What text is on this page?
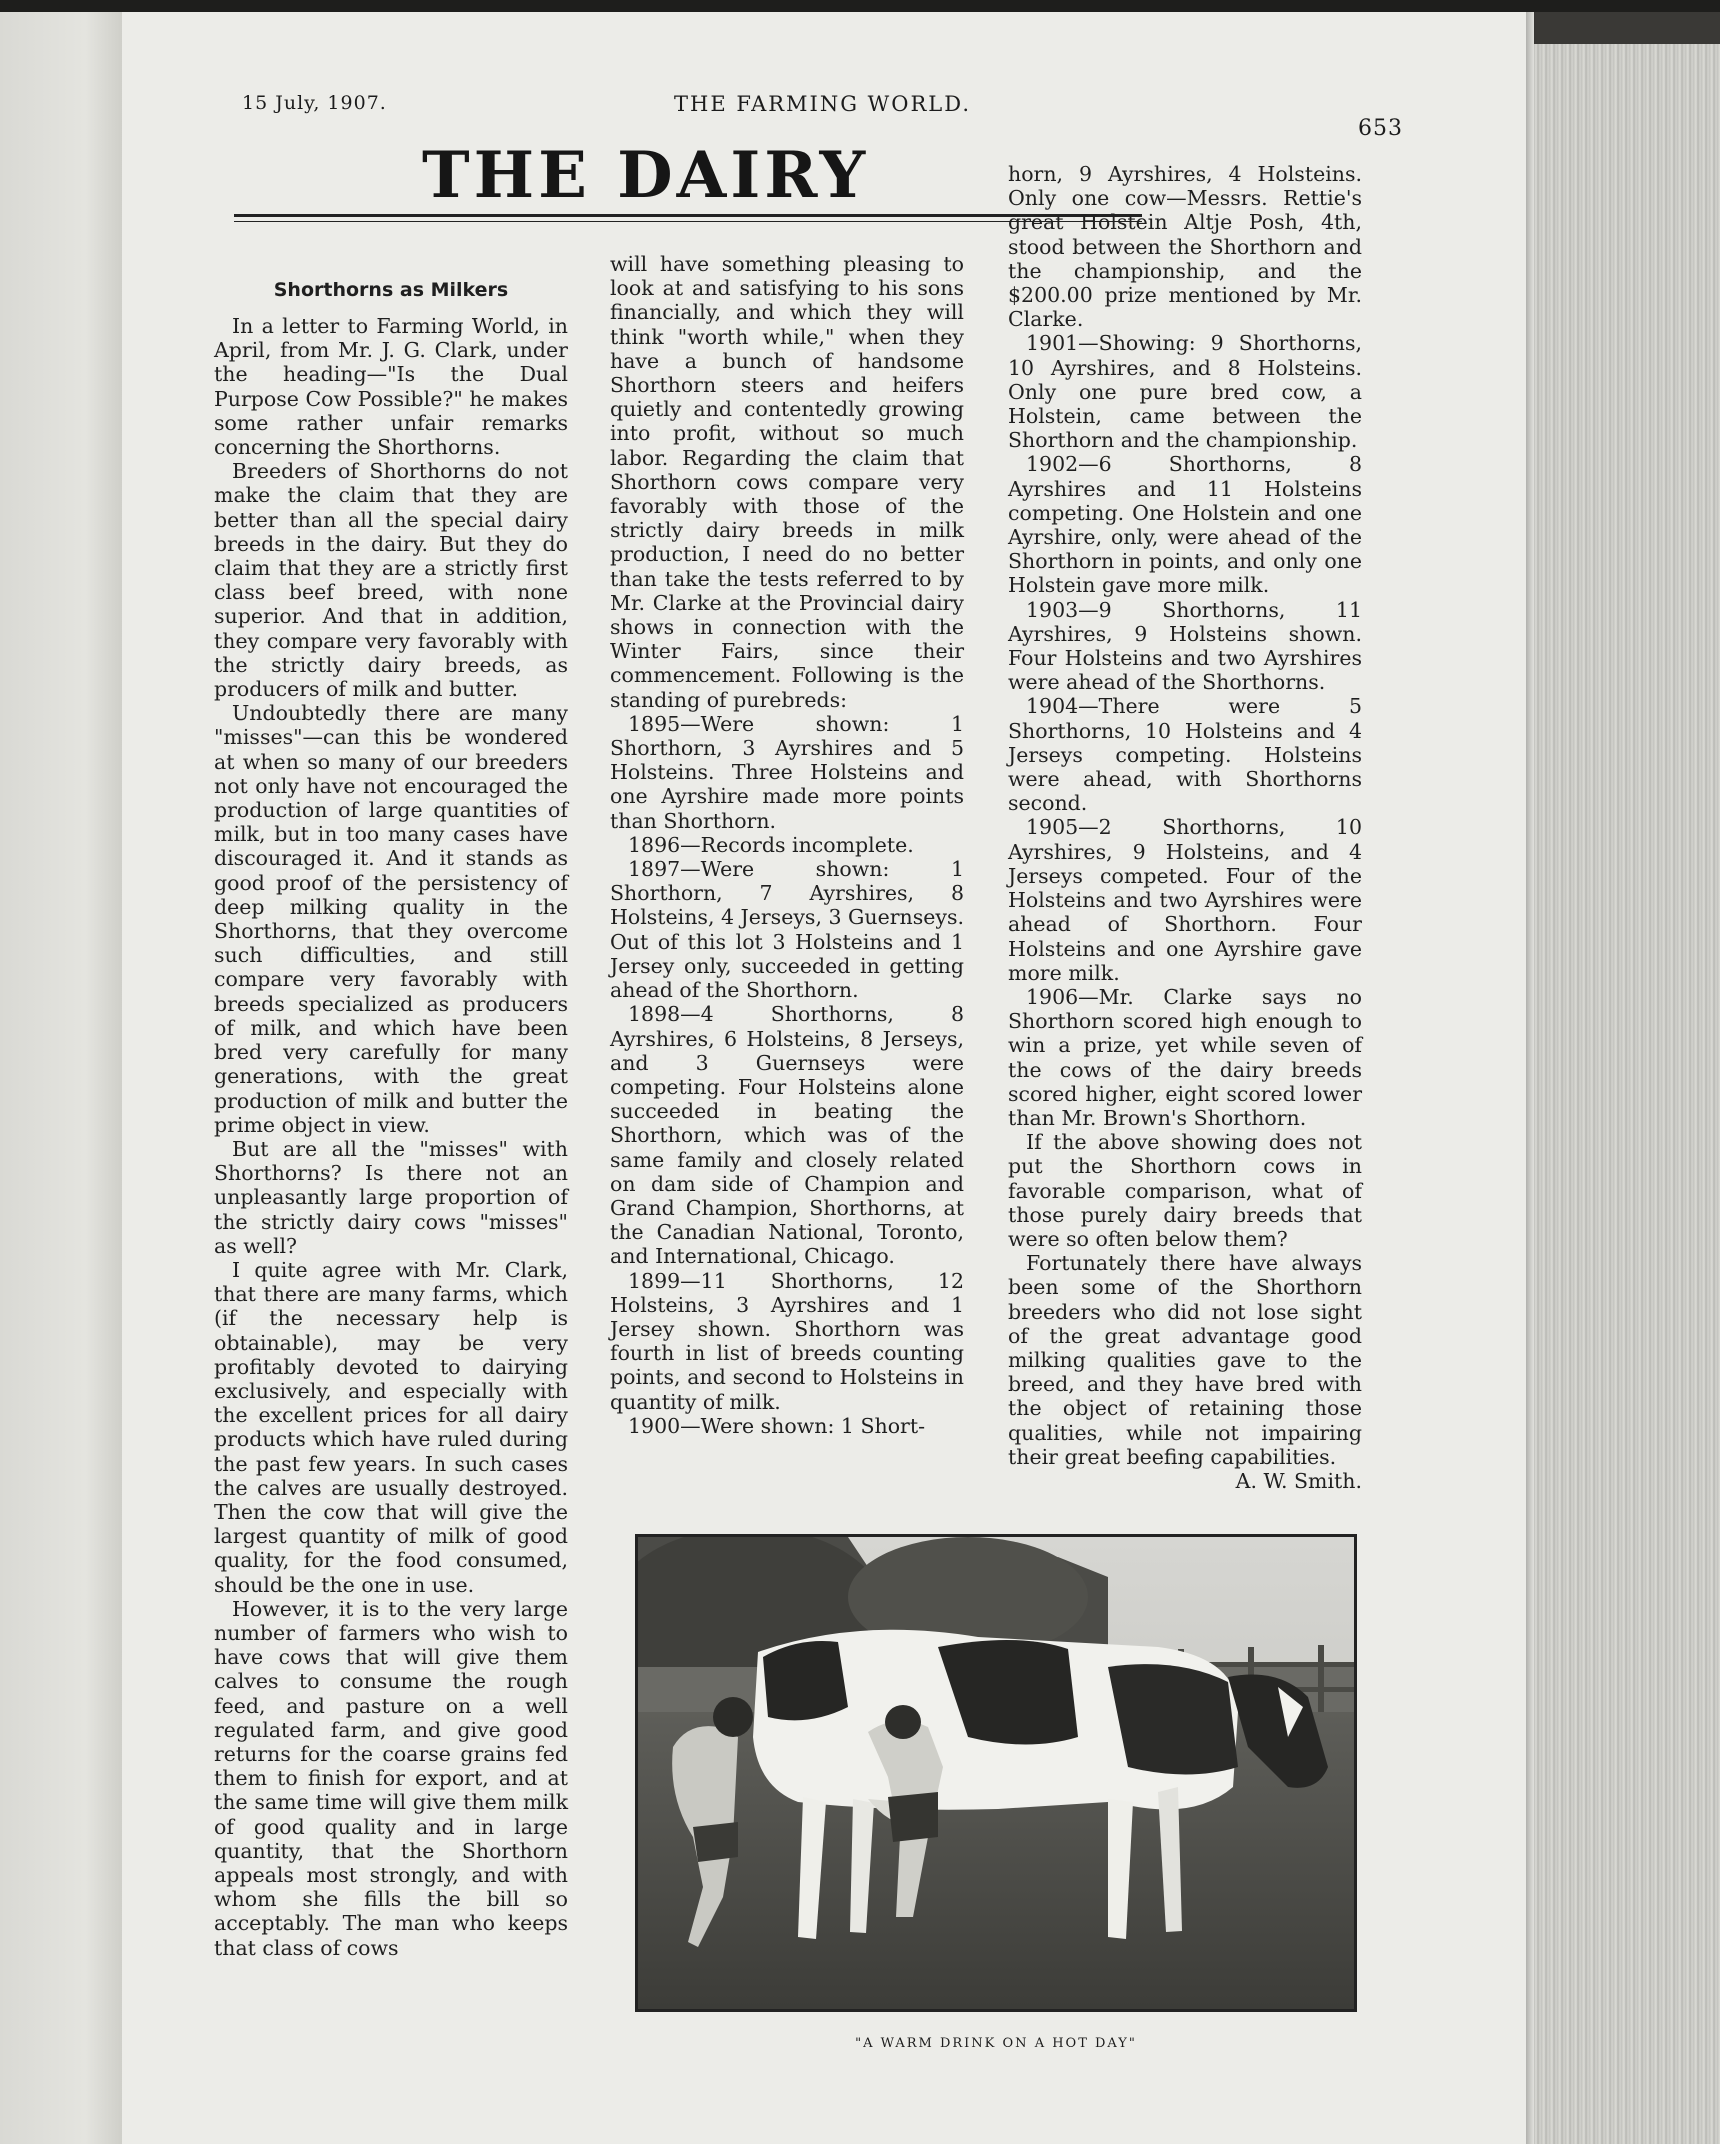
15 July, 1907.	THE FARMING WORLD.
653
THE DAIRY
Shorthorns as Milkers

In a letter to Farming World, in April, from Mr. J. G. Clark, under the heading—"Is the Dual Purpose Cow Possible?" he makes some rather unfair remarks concerning the Shorthorns.

Breeders of Shorthorns do not make the claim that they are better than all the special dairy breeds in the dairy. But they do claim that they are a strictly first class beef breed, with none superior. And that in addition, they compare very favorably with the strictly dairy breeds, as producers of milk and butter.

Undoubtedly there are many "misses"—can this be wondered at when so many of our breeders not only have not encouraged the production of large quantities of milk, but in too many cases have discouraged it. And it stands as good proof of the persistency of deep milking quality in the Shorthorns, that they overcome such difficulties, and still compare very favorably with breeds specialized as producers of milk, and which have been bred very carefully for many generations, with the great production of milk and butter the prime object in view.

But are all the "misses" with Shorthorns? Is there not an unpleasantly large proportion of the strictly dairy cows "misses" as well?

I quite agree with Mr. Clark, that there are many farms, which (if the necessary help is obtainable), may be very profitably devoted to dairying exclusively, and especially with the excellent prices for all dairy products which have ruled during the past few years. In such cases the calves are usually destroyed. Then the cow that will give the largest quantity of milk of good quality, for the food consumed, should be the one in use.

However, it is to the very large number of farmers who wish to have cows that will give them calves to consume the rough feed, and pasture on a well regulated farm, and give good returns for the coarse grains fed them to finish for export, and at the same time will give them milk of good quality and in large quantity, that the Shorthorn appeals most strongly, and with whom she fills the bill so acceptably. The man who keeps that class of cows

will have something pleasing to look at and satisfying to his sons financially, and which they will think "worth while," when they have a bunch of handsome Shorthorn steers and heifers quietly and contentedly growing into profit, without so much labor. Regarding the claim that Shorthorn cows compare very favorably with those of the strictly dairy breeds in milk production, I need do no better than take the tests referred to by Mr. Clarke at the Provincial dairy shows in connection with the Winter Fairs, since their commencement. Following is the standing of purebreds:

1895—Were shown: 1 Shorthorn, 3 Ayrshires and 5 Holsteins. Three Holsteins and one Ayrshire made more points than Shorthorn.

1896—Records incomplete.

1897—Were shown: 1 Shorthorn, 7 Ayrshires, 8 Holsteins, 4 Jerseys, 3 Guernseys. Out of this lot 3 Holsteins and 1 Jersey only, succeeded in getting ahead of the Shorthorn.

1898—4 Shorthorns, 8 Ayrshires, 6 Holsteins, 8 Jerseys, and 3 Guernseys were competing. Four Holsteins alone succeeded in beating the Shorthorn, which was of the same family and closely related on dam side of Champion and Grand Champion, Shorthorns, at the Canadian National, Toronto, and International, Chicago.

1899—11 Shorthorns, 12 Holsteins, 3 Ayrshires and 1 Jersey shown. Shorthorn was fourth in list of breeds counting points, and second to Holsteins in quantity of milk.

1900—Were shown: 1 Short-

horn, 9 Ayrshires, 4 Holsteins. Only one cow—Messrs. Rettie's great Holstein Altje Posh, 4th, stood between the Shorthorn and the championship, and the $200.00 prize mentioned by Mr. Clarke.

1901—Showing: 9 Shorthorns, 10 Ayrshires, and 8 Holsteins. Only one pure bred cow, a Holstein, came between the Shorthorn and the championship.

1902—6 Shorthorns, 8 Ayrshires and 11 Holsteins competing. One Holstein and one Ayrshire, only, were ahead of the Shorthorn in points, and only one Holstein gave more milk.

1903—9 Shorthorns, 11 Ayrshires, 9 Holsteins shown. Four Holsteins and two Ayrshires were ahead of the Shorthorns.

1904—There were 5 Shorthorns, 10 Holsteins and 4 Jerseys competing. Holsteins were ahead, with Shorthorns second.

1905—2 Shorthorns, 10 Ayrshires, 9 Holsteins, and 4 Jerseys competed. Four of the Holsteins and two Ayrshires were ahead of Shorthorn. Four Holsteins and one Ayrshire gave more milk.

1906—Mr. Clarke says no Shorthorn scored high enough to win a prize, yet while seven of the cows of the dairy breeds scored higher, eight scored lower than Mr. Brown's Shorthorn.

If the above showing does not put the Shorthorn cows in favorable comparison, what of those purely dairy breeds that were so often below them?

Fortunately there have always been some of the Shorthorn breeders who did not lose sight of the great advantage good milking qualities gave to the breed, and they have bred with the object of retaining those qualities, while not impairing their great beefing capabilities.
A. W. Smith.

"A WARM DRINK ON A HOT DAY"
